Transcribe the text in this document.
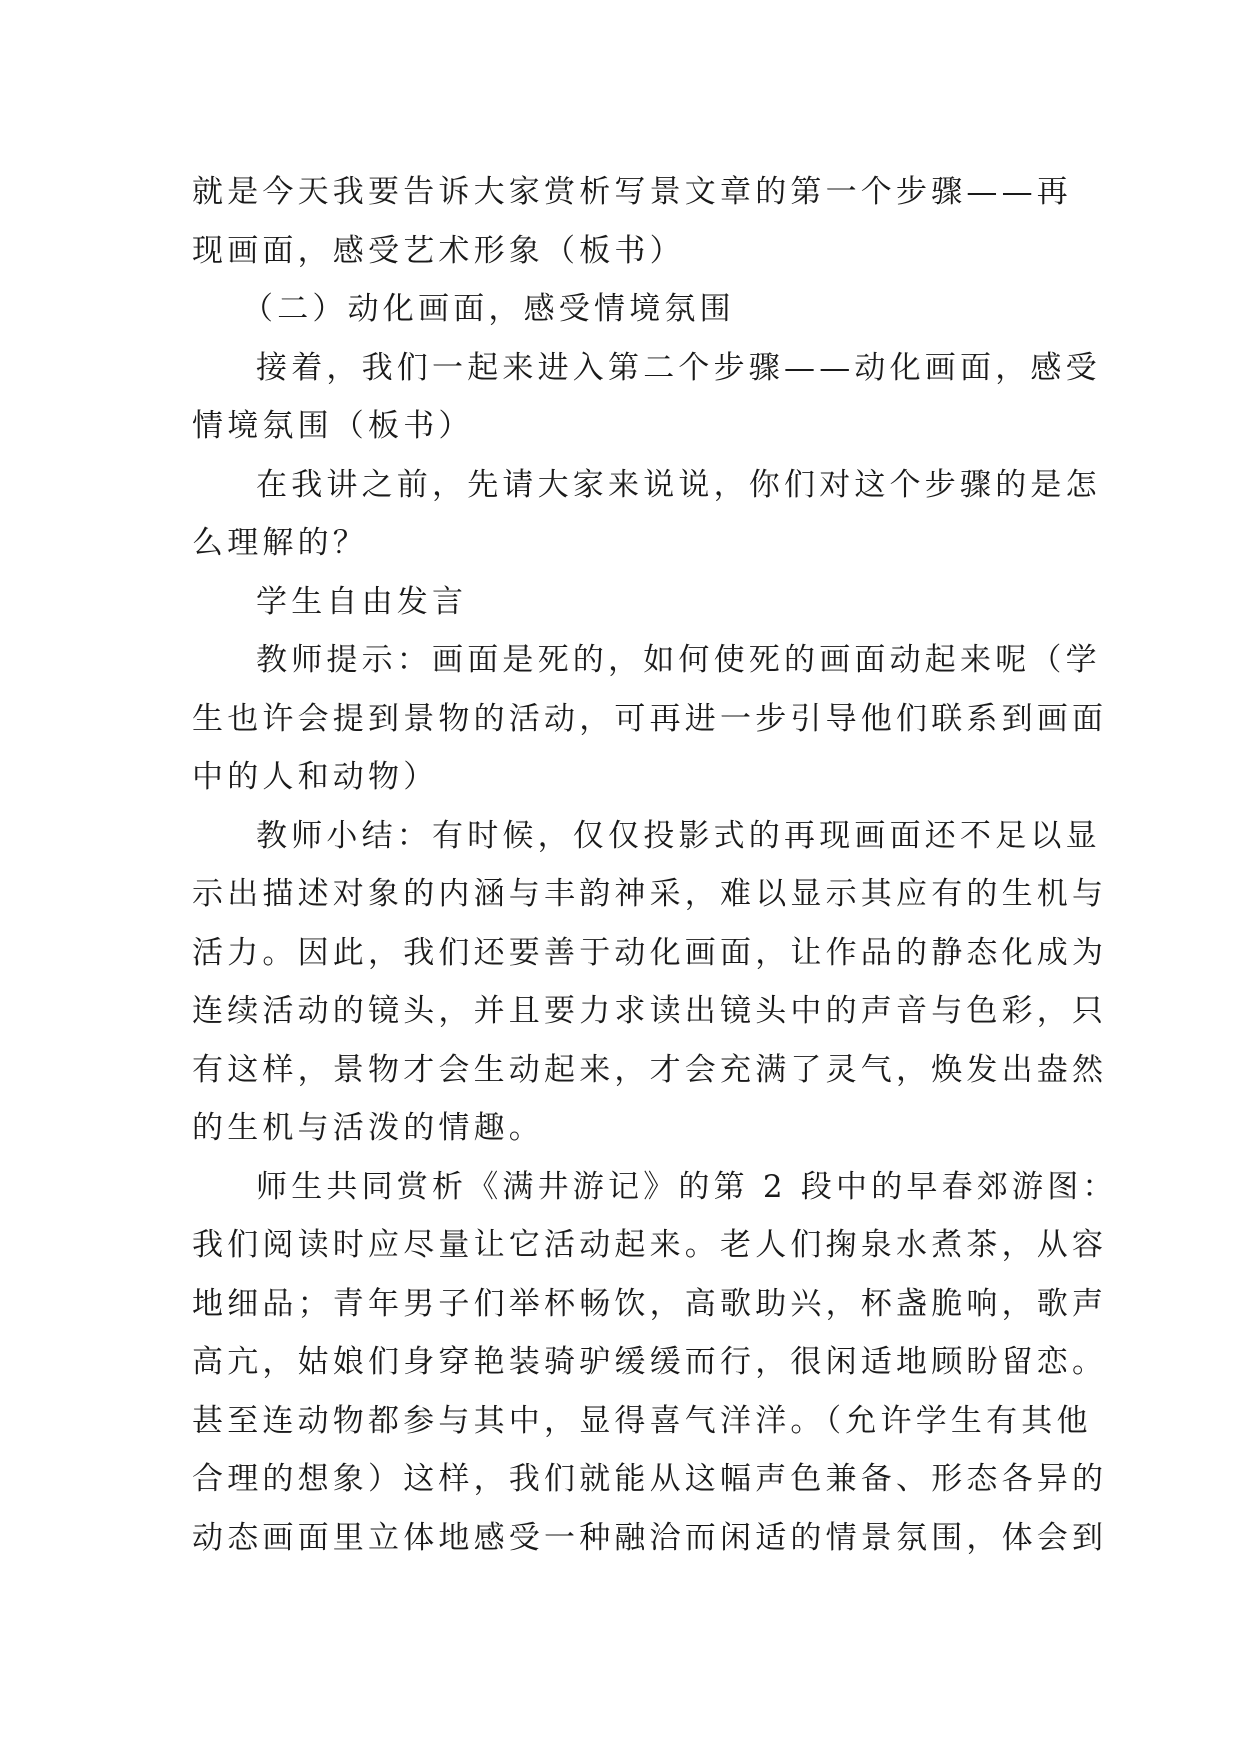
就是今天我要告诉大家赏析写景文章的第一个步骤——再
现画面，感受艺术形象（板书）
（二）动化画面，感受情境氛围
接着，我们一起来进入第二个步骤——动化画面，感受
情境氛围（板书）
在我讲之前，先请大家来说说，你们对这个步骤的是怎
么理解的？
学生自由发言
教师提示：画面是死的，如何使死的画面动起来呢（学
生也许会提到景物的活动，可再进一步引导他们联系到画面
中的人和动物）
教师小结：有时候，仅仅投影式的再现画面还不足以显
示出描述对象的内涵与丰韵神采，难以显示其应有的生机与
活力。因此，我们还要善于动化画面，让作品的静态化成为
连续活动的镜头，并且要力求读出镜头中的声音与色彩，只
有这样，景物才会生动起来，才会充满了灵气，焕发出盎然
的生机与活泼的情趣。
师生共同赏析《满井游记》的第 2 段中的早春郊游图：
我们阅读时应尽量让它活动起来。老人们掬泉水煮茶，从容
地细品；青年男子们举杯畅饮，高歌助兴，杯盏脆响，歌声
高亢，姑娘们身穿艳装骑驴缓缓而行，很闲适地顾盼留恋。
甚至连动物都参与其中，显得喜气洋洋。（允许学生有其他
合理的想象）这样，我们就能从这幅声色兼备、形态各异的
动态画面里立体地感受一种融洽而闲适的情景氛围，体会到
